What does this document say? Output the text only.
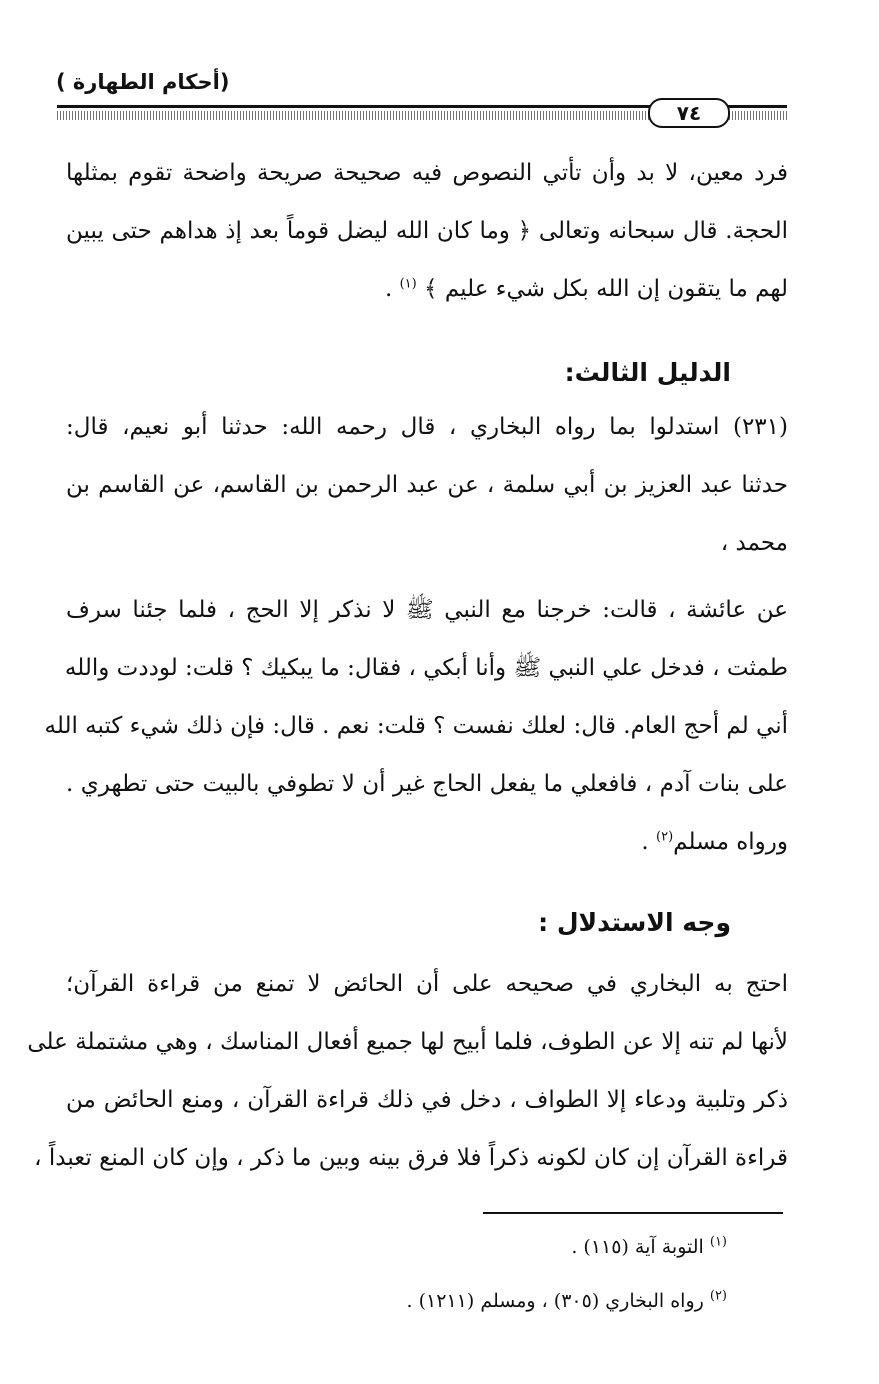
(أحكام الطهارة )
٧٤
فرد معين، لا بد وأن تأتي النصوص فيه صحيحة صريحة واضحة تقوم بمثلها
الحجة. قال سبحانه وتعالى ﴿ وما كان الله ليضل قوماً بعد إذ هداهم حتى يبين
لهم ما يتقون إن الله بكل شيء عليم ﴾ $^{(١)}$ .
الدليل الثالث:
(٢٣١) استدلوا بما رواه البخاري ، قال رحمه الله: حدثنا أبو نعيم، قال:
حدثنا عبد العزيز بن أبي سلمة ، عن عبد الرحمن بن القاسم، عن القاسم بن
محمد ،
عن عائشة ، قالت: خرجنا مع النبي ﷺ لا نذكر إلا الحج ، فلما جئنا سرف
طمثت ، فدخل علي النبي ﷺ وأنا أبكي ، فقال: ما يبكيك ؟ قلت: لوددت والله
أني لم أحج العام. قال: لعلك نفست ؟ قلت: نعم . قال: فإن ذلك شيء كتبه الله
على بنات آدم ، فافعلي ما يفعل الحاج غير أن لا تطوفي بالبيت حتى تطهري .
ورواه مسلم$^{(٢)}$ .
وجه الاستدلال :
احتج به البخاري في صحيحه على أن الحائض لا تمنع من قراءة القرآن؛
لأنها لم تنه إلا عن الطوف، فلما أبيح لها جميع أفعال المناسك ، وهي مشتملة على
ذكر وتلبية ودعاء إلا الطواف ، دخل في ذلك قراءة القرآن ، ومنع الحائض من
قراءة القرآن إن كان لكونه ذكراً فلا فرق بينه وبين ما ذكر ، وإن كان المنع تعبداً ،
$^{(١)}$ التوبة آية (١١٥) .
$^{(٢)}$ رواه البخاري (٣٠٥) ، ومسلم (١٢١١) .
